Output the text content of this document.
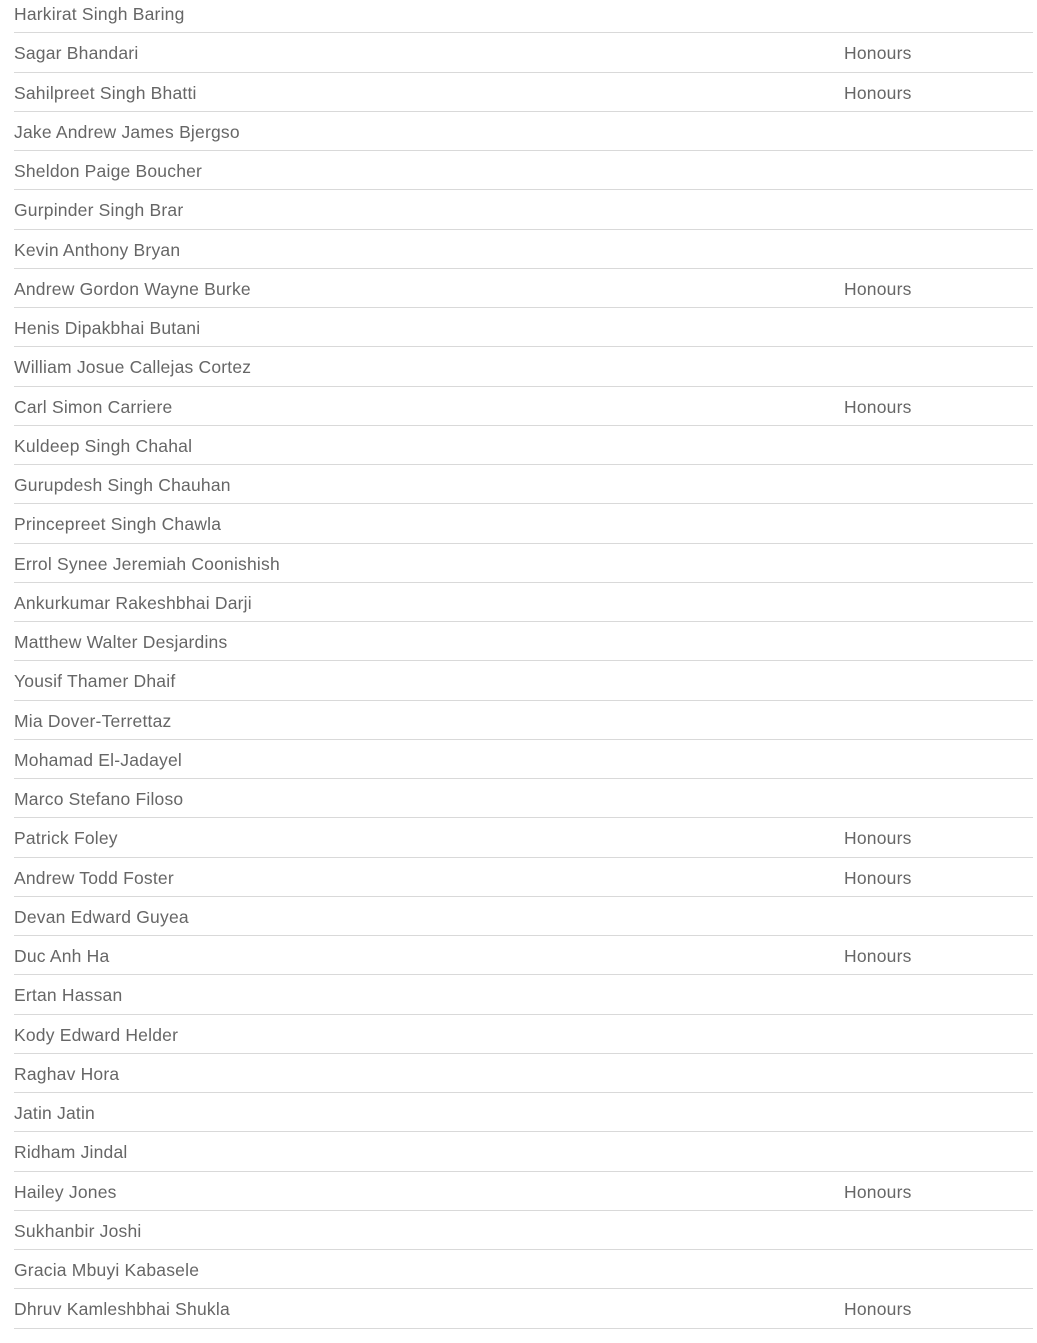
Harkirat Singh Baring
Sagar Bhandari	Honours
Sahilpreet Singh Bhatti	Honours
Jake Andrew James Bjergso
Sheldon Paige Boucher
Gurpinder Singh Brar
Kevin Anthony Bryan
Andrew Gordon Wayne Burke	Honours
Henis Dipakbhai Butani
William Josue Callejas Cortez
Carl Simon Carriere	Honours
Kuldeep Singh Chahal
Gurupdesh Singh Chauhan
Princepreet Singh Chawla
Errol Synee Jeremiah Coonishish
Ankurkumar Rakeshbhai Darji
Matthew Walter Desjardins
Yousif Thamer Dhaif
Mia Dover-Terrettaz
Mohamad El-Jadayel
Marco Stefano Filoso
Patrick Foley	Honours
Andrew Todd Foster	Honours
Devan Edward Guyea
Duc Anh Ha	Honours
Ertan Hassan
Kody Edward Helder
Raghav Hora
Jatin Jatin
Ridham Jindal
Hailey Jones	Honours
Sukhanbir Joshi
Gracia Mbuyi Kabasele
Dhruv Kamleshbhai Shukla	Honours
